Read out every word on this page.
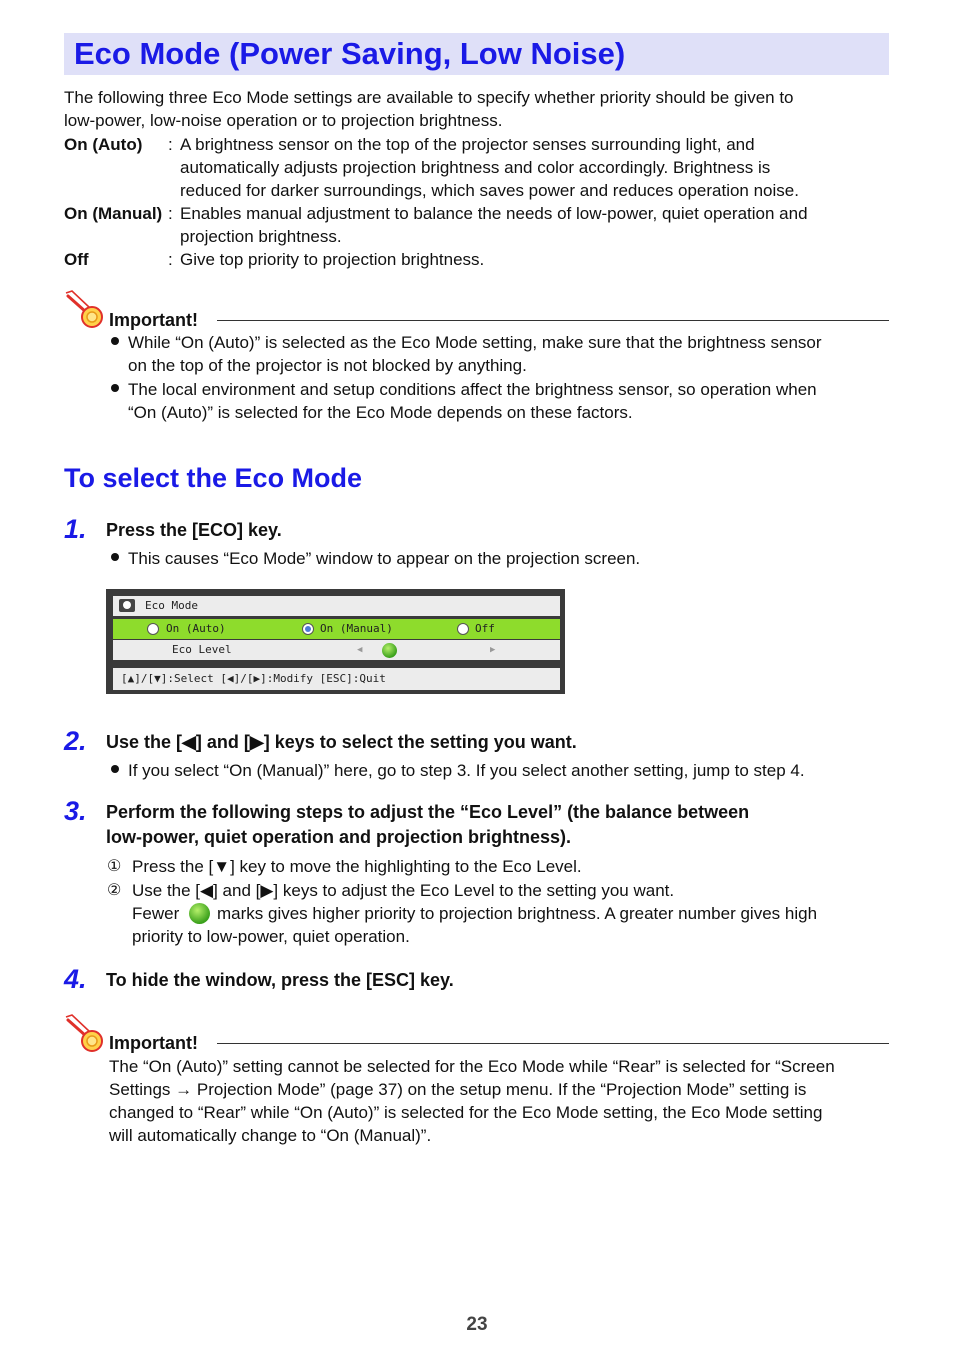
Eco Mode (Power Saving, Low Noise)

The following three Eco Mode settings are available to specify whether priority should be given to

low-power, low-noise operation or to projection brightness.

On (Auto) : A brightness sensor on the top of the projector senses surrounding light, and
automatically adjusts projection brightness and color accordingly. Brightness is
reduced for darker surroundings, which saves power and reduces operation noise.
On (Manual) : Enables manual adjustment to balance the needs of low-power, quiet operation and
projection brightness.
Off	: Give top priority to projection brightness.
Important!
While “On (Auto)” is selected as the Eco Mode setting, make sure that the brightness sensor
on the top of the projector is not blocked by anything.
The local environment and setup conditions affect the brightness sensor, so operation when
“On (Auto)” is selected for the Eco Mode depends on these factors.
To select the Eco Mode
1. Press the [ECO] key.
This causes “Eco Mode” window to appear on the projection screen.
Eco Mode
On (Auto)	On (Manual)	Off
Eco Level	◀	▶
[▲]/[▼]:Select [◀]/[▶]:Modify [ESC]:Quit
2. Use the [◀] and [▶] keys to select the setting you want.
If you select “On (Manual)” here, go to step 3. If you select another setting, jump to step 4.
3. Perform the following steps to adjust the “Eco Level” (the balance between
low-power, quiet operation and projection brightness).
① Press the [▼] key to move the highlighting to the Eco Level.
② Use the [◀] and [▶] keys to adjust the Eco Level to the setting you want.
Fewer marks gives higher priority to projection brightness. A greater number gives high
priority to low-power, quiet operation.
4. To hide the window, press the [ESC] key.
Important!
The “On (Auto)” setting cannot be selected for the Eco Mode while “Rear” is selected for “Screen
Settings → Projection Mode” (page 37) on the setup menu. If the “Projection Mode” setting is
changed to “Rear” while “On (Auto)” is selected for the Eco Mode setting, the Eco Mode setting
will automatically change to “On (Manual)”.
23
